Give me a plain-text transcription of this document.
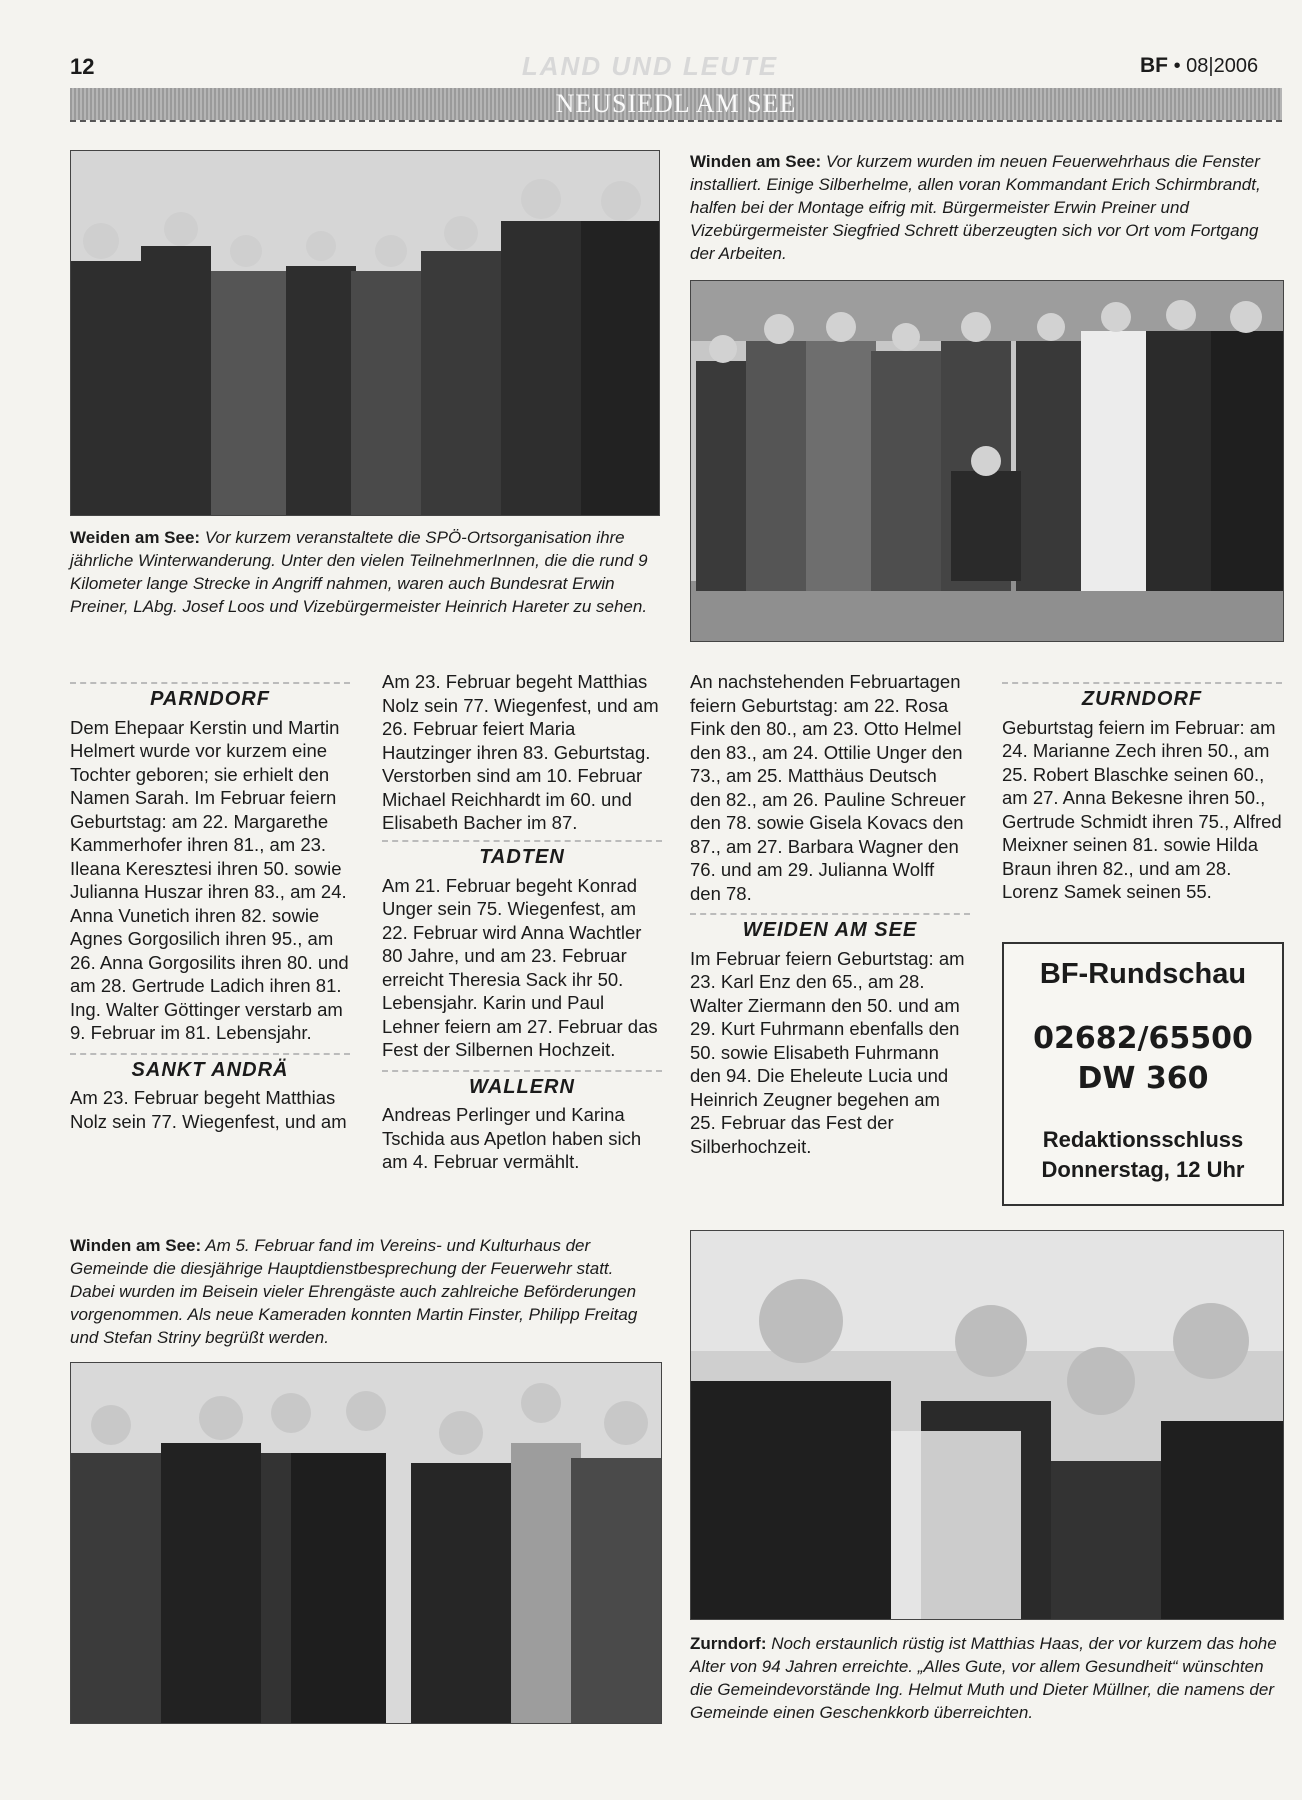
12	LAND UND LEUTE	BF • 08|2006
NEUSIEDL AM SEE
Weiden am See: Vor kurzem veranstaltete die SPÖ-Ortsorganisation ihre jährliche Winterwanderung. Unter den vielen TeilnehmerInnen, die die rund 9 Kilometer lange Strecke in Angriff nahmen, waren auch Bundesrat Erwin Preiner, LAbg. Josef Loos und Vizebürgermeister Heinrich Hareter zu sehen.
Winden am See: Vor kurzem wurden im neuen Feuerwehrhaus die Fenster installiert. Einige Silberhelme, allen voran Kommandant Erich Schirmbrandt, halfen bei der Montage eifrig mit. Bürgermeister Erwin Preiner und Vizebürgermeister Siegfried Schrett überzeugten sich vor Ort vom Fortgang der Arbeiten.
PARNDORF

Dem Ehepaar Kerstin und Martin Helmert wurde vor kurzem eine Tochter geboren; sie erhielt den Namen Sarah. Im Februar feiern Geburtstag: am 22. Margarethe Kammerhofer ihren 81., am 23. Ileana Keresztesi ihren 50. sowie Julianna Huszar ihren 83., am 24. Anna Vunetich ihren 82. sowie Agnes Gorgosilich ihren 95., am 26. Anna Gorgosilits ihren 80. und am 28. Gertrude Ladich ihren 81. Ing. Walter Göttinger verstarb am 9. Februar im 81. Lebensjahr.

SANKT ANDRÄ

Am 23. Februar begeht Matthias Nolz sein 77. Wiegenfest, und am

Am 23. Februar begeht Matthias Nolz sein 77. Wiegenfest, und am 26. Februar feiert Maria Hautzinger ihren 83. Geburtstag. Verstorben sind am 10. Februar Michael Reichhardt im 60. und Elisabeth Bacher im 87.

TADTEN

Am 21. Februar begeht Konrad Unger sein 75. Wiegenfest, am 22. Februar wird Anna Wachtler 80 Jahre, und am 23. Februar erreicht Theresia Sack ihr 50. Lebensjahr. Karin und Paul Lehner feiern am 27. Februar das Fest der Silbernen Hochzeit.

WALLERN

Andreas Perlinger und Karina Tschida aus Apetlon haben sich am 4. Februar vermählt.

An nachstehenden Februartagen feiern Geburtstag: am 22. Rosa Fink den 80., am 23. Otto Helmel den 83., am 24. Ottilie Unger den 73., am 25. Matthäus Deutsch den 82., am 26. Pauline Schreuer den 78. sowie Gisela Kovacs den 87., am 27. Barbara Wagner den 76. und am 29. Julianna Wolff den 78.

WEIDEN AM SEE

Im Februar feiern Geburtstag: am 23. Karl Enz den 65., am 28. Walter Ziermann den 50. und am 29. Kurt Fuhrmann ebenfalls den 50. sowie Elisabeth Fuhrmann den 94. Die Eheleute Lucia und Heinrich Zeugner begehen am 25. Februar das Fest der Silberhochzeit.

ZURNDORF

Geburtstag feiern im Februar: am 24. Marianne Zech ihren 50., am 25. Robert Blaschke seinen 60., am 27. Anna Bekesne ihren 50., Gertrude Schmidt ihren 75., Alfred Meixner seinen 81. sowie Hilda Braun ihren 82., und am 28. Lorenz Samek seinen 55.

BF-Rundschau
02682/65500
DW 360
Redaktionsschluss
Donnerstag, 12 Uhr
Winden am See: Am 5. Februar fand im Vereins- und Kulturhaus der Gemeinde die diesjährige Hauptdienstbesprechung der Feuerwehr statt. Dabei wurden im Beisein vieler Ehrengäste auch zahlreiche Beförderungen vorgenommen. Als neue Kameraden konnten Martin Finster, Philipp Freitag und Stefan Striny begrüßt werden.
Zurndorf: Noch erstaunlich rüstig ist Matthias Haas, der vor kurzem das hohe Alter von 94 Jahren erreichte. „Alles Gute, vor allem Gesundheit“ wünschten die Gemeindevorstände Ing. Helmut Muth und Dieter Müllner, die namens der Gemeinde einen Geschenkkorb überreichten.
